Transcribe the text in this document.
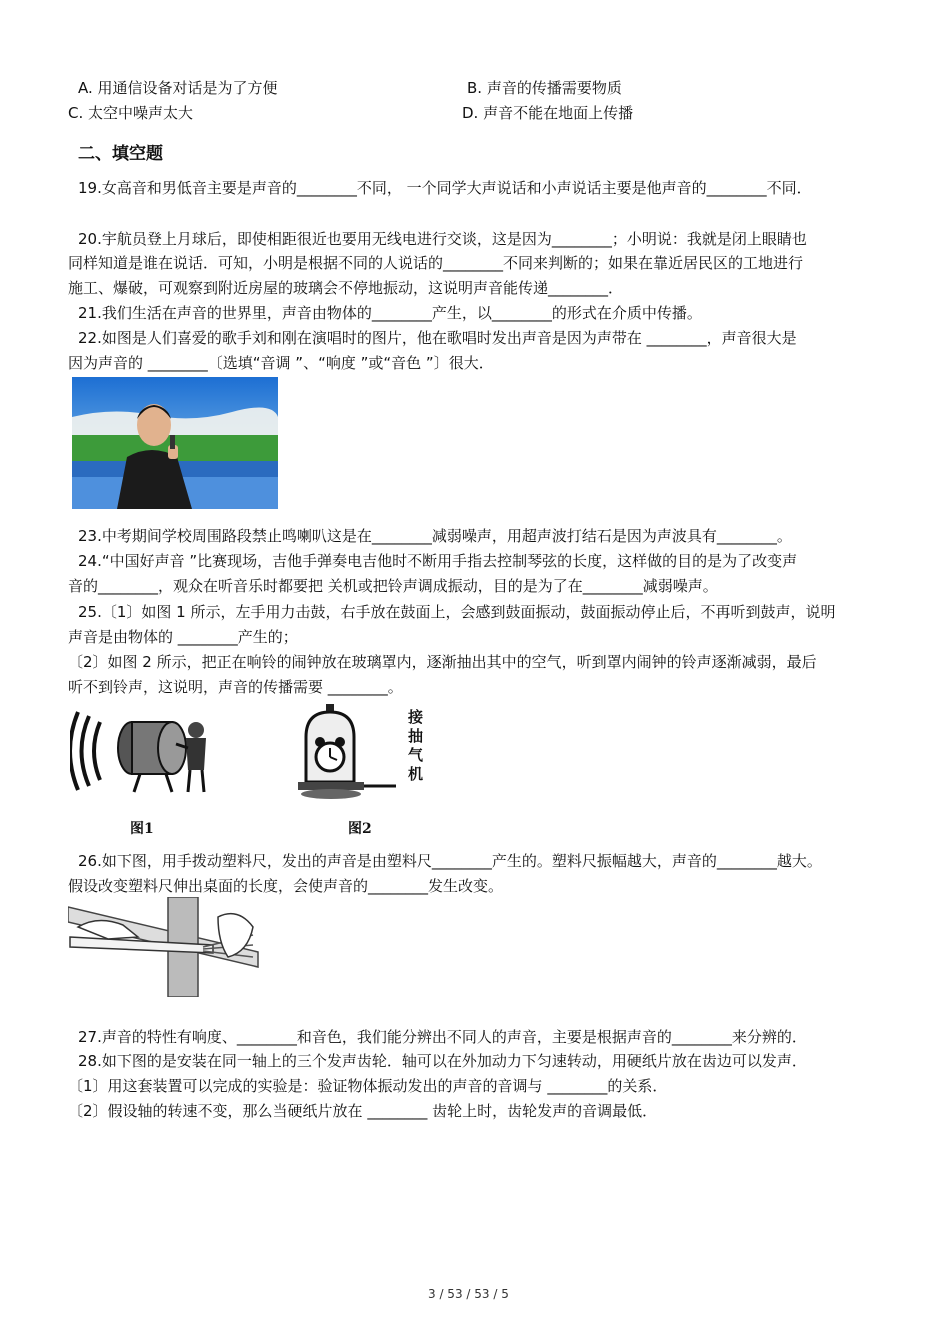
A. 用通信设备对话是为了方便	B. 声音的传播需要物质
C. 太空中噪声太大	D. 声音不能在地面上传播
二、填空题
19.女高音和男低音主要是声音的________不同， 一个同学大声说话和小声说话主要是他声音的________不同．
20.宇航员登上月球后，即使相距很近也要用无线电进行交谈，这是因为________；小明说：我就是闭上眼睛也
同样知道是谁在说话．可知，小明是根据不同的人说话的________不同来判断的；如果在靠近居民区的工地进行
施工、爆破，可观察到附近房屋的玻璃会不停地振动，这说明声音能传递________．
21.我们生活在声音的世界里，声音由物体的________产生，以________的形式在介质中传播。
22.如图是人们喜爱的歌手刘和刚在演唱时的图片，他在歌唱时发出声音是因为声带在 ________，声音很大是
因为声音的 ________〔选填“音调 ”、“响度 ”或“音色 ”〕很大．
23.中考期间学校周围路段禁止鸣喇叭这是在________减弱噪声，用超声波打结石是因为声波具有________。
24.“中国好声音 ”比赛现场，吉他手弹奏电吉他时不断用手指去控制琴弦的长度，这样做的目的是为了改变声
音的________，观众在听音乐时都要把 关机或把铃声调成振动，目的是为了在________减弱噪声。
25.〔1〕如图 1 所示，左手用力击鼓，右手放在鼓面上，会感到鼓面振动，鼓面振动停止后，不再听到鼓声，说明
声音是由物体的 ________产生的；
〔2〕如图 2 所示，把正在响铃的闹钟放在玻璃罩内，逐渐抽出其中的空气，听到罩内闹钟的铃声逐渐减弱，最后
听不到铃声，这说明，声音的传播需要 ________。
图1
接
抽
气
机
图2
26.如下图，用手拨动塑料尺，发出的声音是由塑料尺________产生的。塑料尺振幅越大，声音的________越大。
假设改变塑料尺伸出桌面的长度，会使声音的________发生改变。
27.声音的特性有响度、________和音色，我们能分辨出不同人的声音，主要是根据声音的________来分辨的．
28.如下图的是安装在同一轴上的三个发声齿轮．轴可以在外加动力下匀速转动，用硬纸片放在齿边可以发声．
〔1〕用这套装置可以完成的实验是：验证物体振动发出的声音的音调与 ________的关系．
〔2〕假设轴的转速不变，那么当硬纸片放在 ________ 齿轮上时，齿轮发声的音调最低．
3 / 53 / 53 / 5
